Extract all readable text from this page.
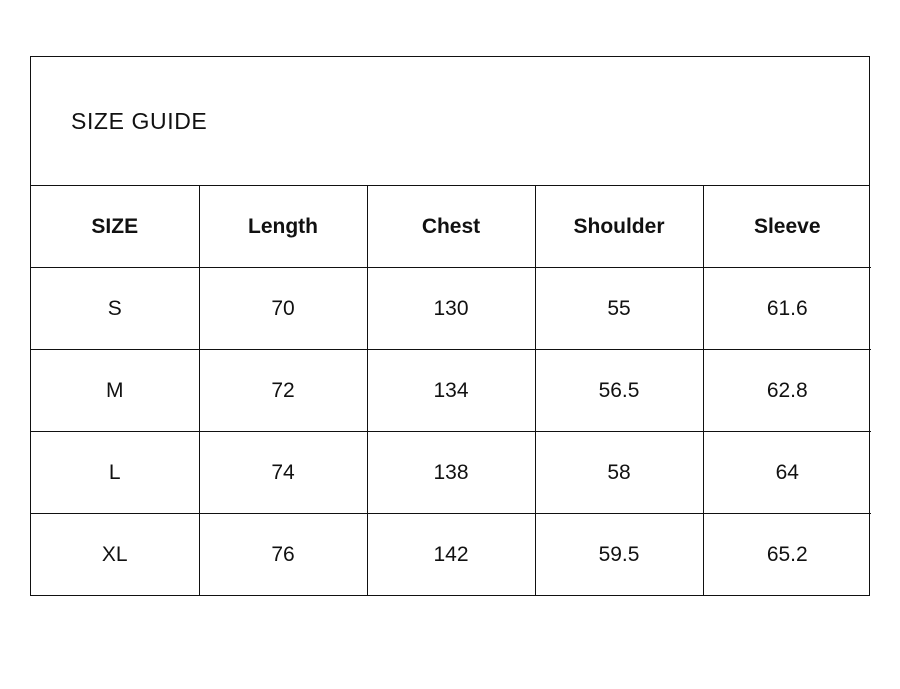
SIZE GUIDE
SIZE	Length	Chest	Shoulder	Sleeve
S	70	130	55	61.6
M	72	134	56.5	62.8
L	74	138	58	64
XL	76	142	59.5	65.2
